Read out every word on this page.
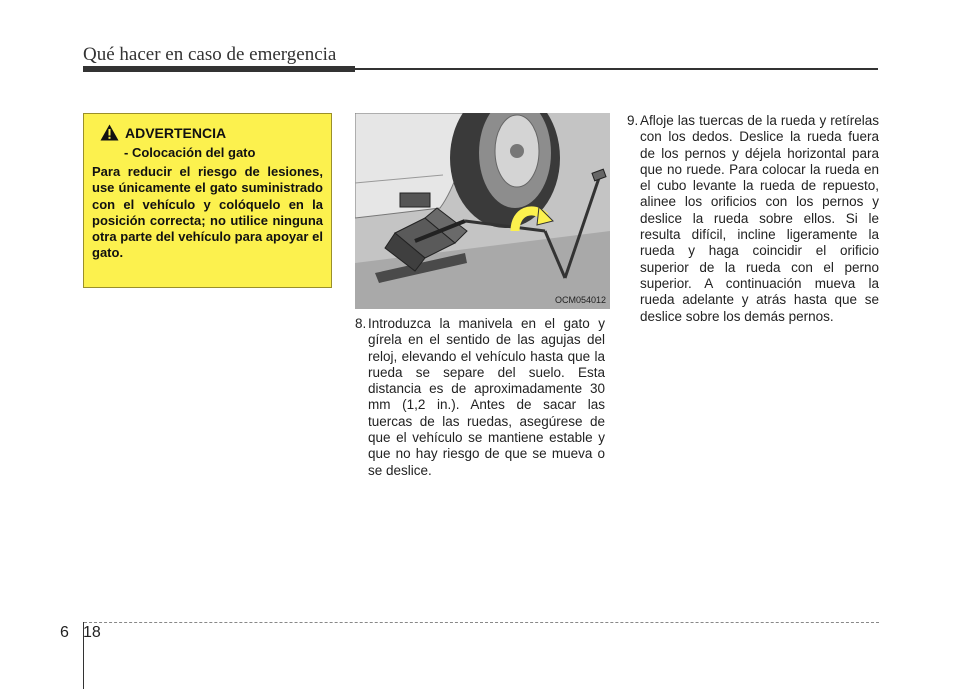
Qué hacer en caso de emergencia
ADVERTENCIA
- Colocación del gato
Para reducir el riesgo de lesiones, use únicamente el gato suministrado con el vehículo y colóquelo en la posición correcta; no utilice ninguna otra parte del vehículo para apoyar el gato.
OCM054012
8. Introduzca la manivela en el gato y gírela en el sentido de las agujas del reloj, elevando el vehículo hasta que la rueda se separe del suelo. Esta distancia es de aproximadamente 30 mm (1,2 in.). Antes de sacar las tuercas de las ruedas, asegúrese de que el vehículo se mantiene estable y que no hay riesgo de que se mueva o se deslice.
9. Afloje las tuercas de la rueda y retírelas con los dedos. Deslice la rueda fuera de los pernos y déjela horizontal para que no ruede. Para colocar la rueda en el cubo levante la rueda de repuesto, alinee los orificios con los pernos y deslice la rueda sobre ellos. Si le resulta difícil, incline ligeramente la rueda y haga coincidir el orificio superior de la rueda con el perno superior. A continuación mueva la rueda adelante y atrás hasta que se deslice sobre los demás pernos.
6 18
